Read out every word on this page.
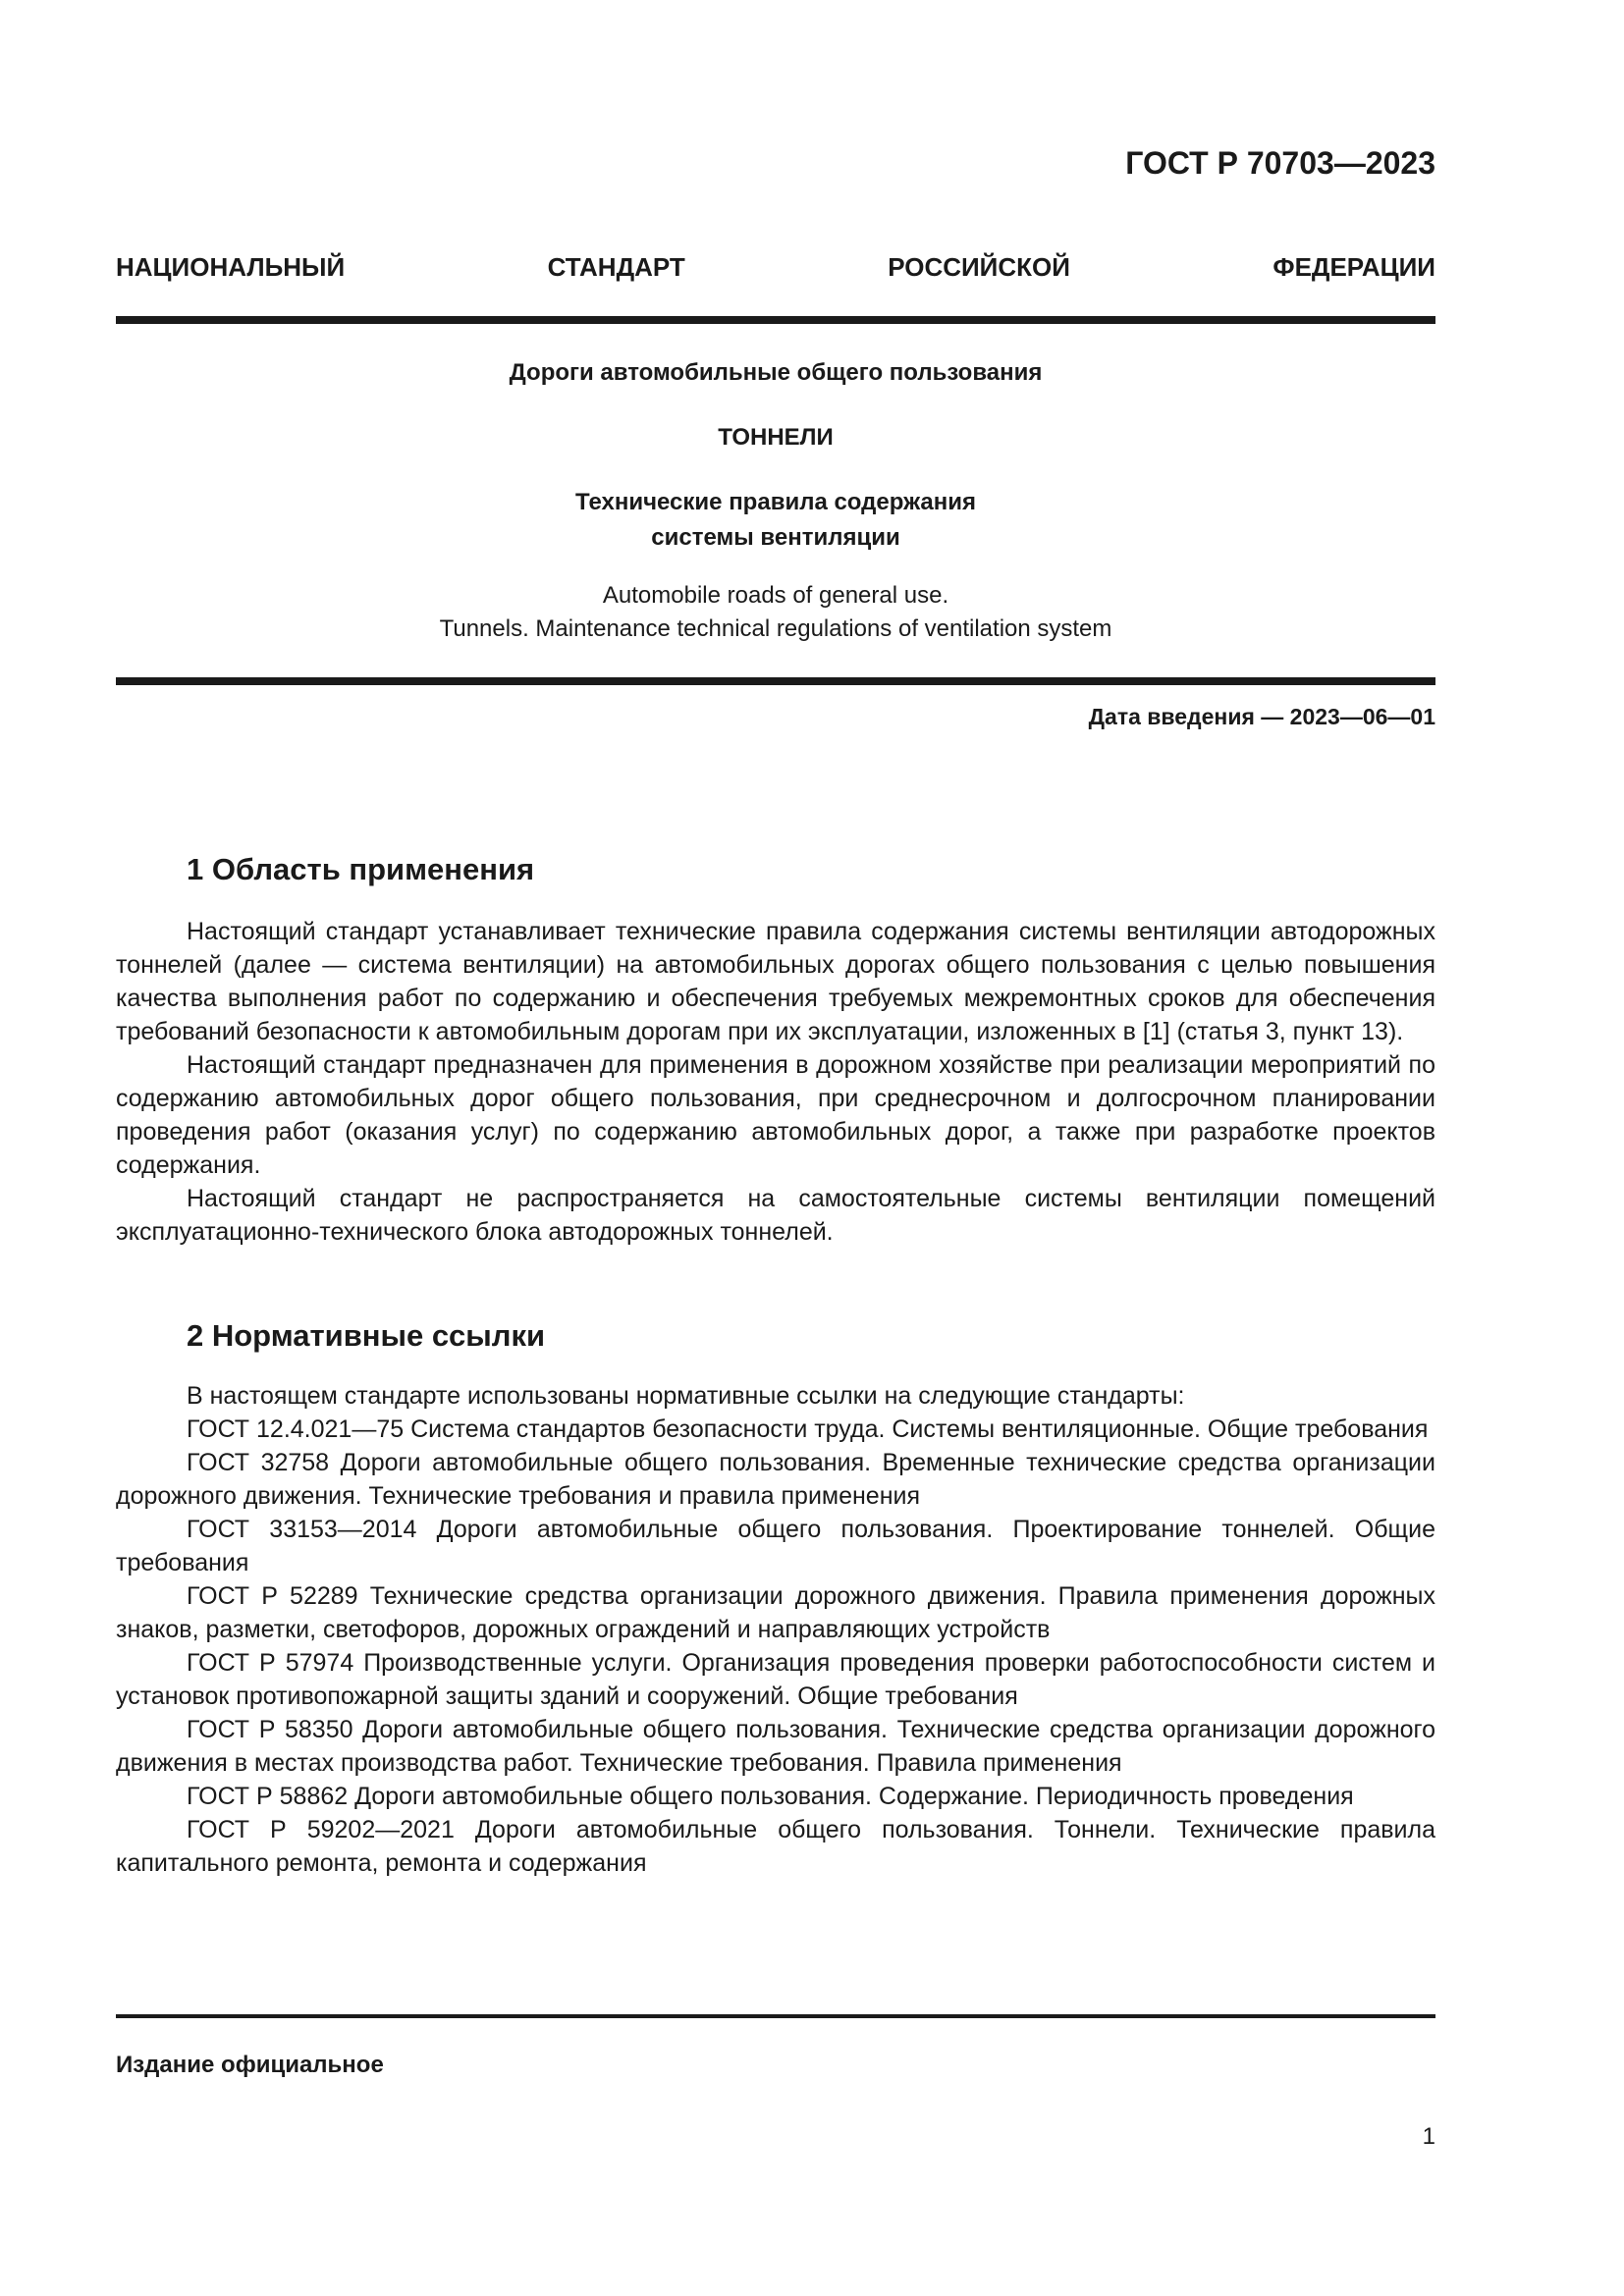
ГОСТ Р 70703—2023
НАЦИОНАЛЬНЫЙ СТАНДАРТ РОССИЙСКОЙ ФЕДЕРАЦИИ
Дороги автомобильные общего пользования
ТОННЕЛИ
Технические правила содержания
системы вентиляции
Automobile roads of general use.
Tunnels. Maintenance technical regulations of ventilation system
Дата введения — 2023—06—01
1 Область применения

Настоящий стандарт устанавливает технические правила содержания системы вентиляции автодорожных тоннелей (далее — система вентиляции) на автомобильных дорогах общего пользования с целью повышения качества выполнения работ по содержанию и обеспечения требуемых межремонтных сроков для обеспечения требований безопасности к автомобильным дорогам при их эксплуатации, изложенных в [1] (статья 3, пункт 13).

Настоящий стандарт предназначен для применения в дорожном хозяйстве при реализации мероприятий по содержанию автомобильных дорог общего пользования, при среднесрочном и долгосрочном планировании проведения работ (оказания услуг) по содержанию автомобильных дорог, а также при разработке проектов содержания.

Настоящий стандарт не распространяется на самостоятельные системы вентиляции помещений эксплуатационно-технического блока автодорожных тоннелей.

2 Нормативные ссылки

В настоящем стандарте использованы нормативные ссылки на следующие стандарты:

ГОСТ 12.4.021—75 Система стандартов безопасности труда. Системы вентиляционные. Общие требования

ГОСТ 32758 Дороги автомобильные общего пользования. Временные технические средства организации дорожного движения. Технические требования и правила применения

ГОСТ 33153—2014 Дороги автомобильные общего пользования. Проектирование тоннелей. Общие требования

ГОСТ Р 52289 Технические средства организации дорожного движения. Правила применения дорожных знаков, разметки, светофоров, дорожных ограждений и направляющих устройств

ГОСТ Р 57974 Производственные услуги. Организация проведения проверки работоспособности систем и установок противопожарной защиты зданий и сооружений. Общие требования

ГОСТ Р 58350 Дороги автомобильные общего пользования. Технические средства организации дорожного движения в местах производства работ. Технические требования. Правила применения

ГОСТ Р 58862 Дороги автомобильные общего пользования. Содержание. Периодичность проведения

ГОСТ Р 59202—2021 Дороги автомобильные общего пользования. Тоннели. Технические правила капитального ремонта, ремонта и содержания

Издание официальное
1
